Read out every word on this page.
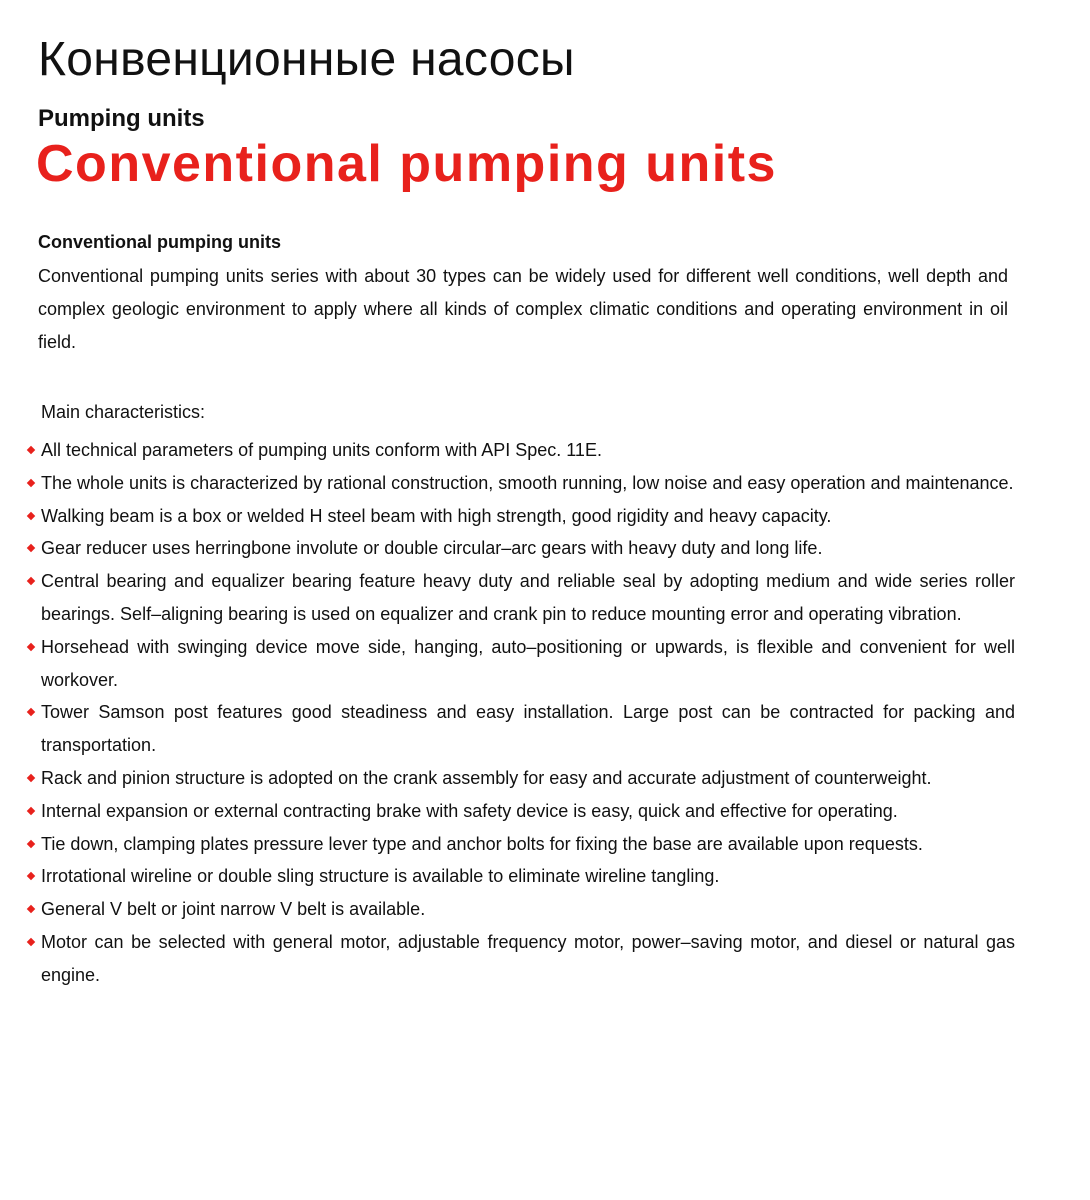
Конвенционные насосы
Pumping units
Conventional pumping units
Conventional pumping units

Conventional pumping units series with about 30 types can be widely used for different well conditions, well depth and complex geologic environment to apply where all kinds of complex climatic conditions and operating environment in oil field.

Main characteristics:
All technical parameters of pumping units conform with API Spec. 11E.
The whole units is characterized by rational construction, smooth running, low noise and easy operation and maintenance.
Walking beam is a box or welded H steel beam with high strength, good rigidity and heavy capacity.
Gear reducer uses herringbone involute or double circular–arc gears with heavy duty and long life.
Central bearing and equalizer bearing feature heavy duty and reliable seal by adopting medium and wide series roller bearings. Self–aligning bearing is used on equalizer and crank pin to reduce mounting error and operating vibration.
Horsehead with swinging device move side, hanging, auto–positioning or upwards, is flexible and convenient for well workover.
Tower Samson post features good steadiness and easy installation. Large post can be contracted for packing and transportation.
Rack and pinion structure is adopted on the crank assembly for easy and accurate adjustment of counterweight.
Internal expansion or external contracting brake with safety device is easy, quick and effective for operating.
Tie down, clamping plates pressure lever type and anchor bolts for fixing the base are available upon requests.
Irrotational wireline or double sling structure is available to eliminate wireline tangling.
General V belt or joint narrow V belt is available.
Motor can be selected with general motor, adjustable frequency motor, power–saving motor, and diesel or natural gas engine.
